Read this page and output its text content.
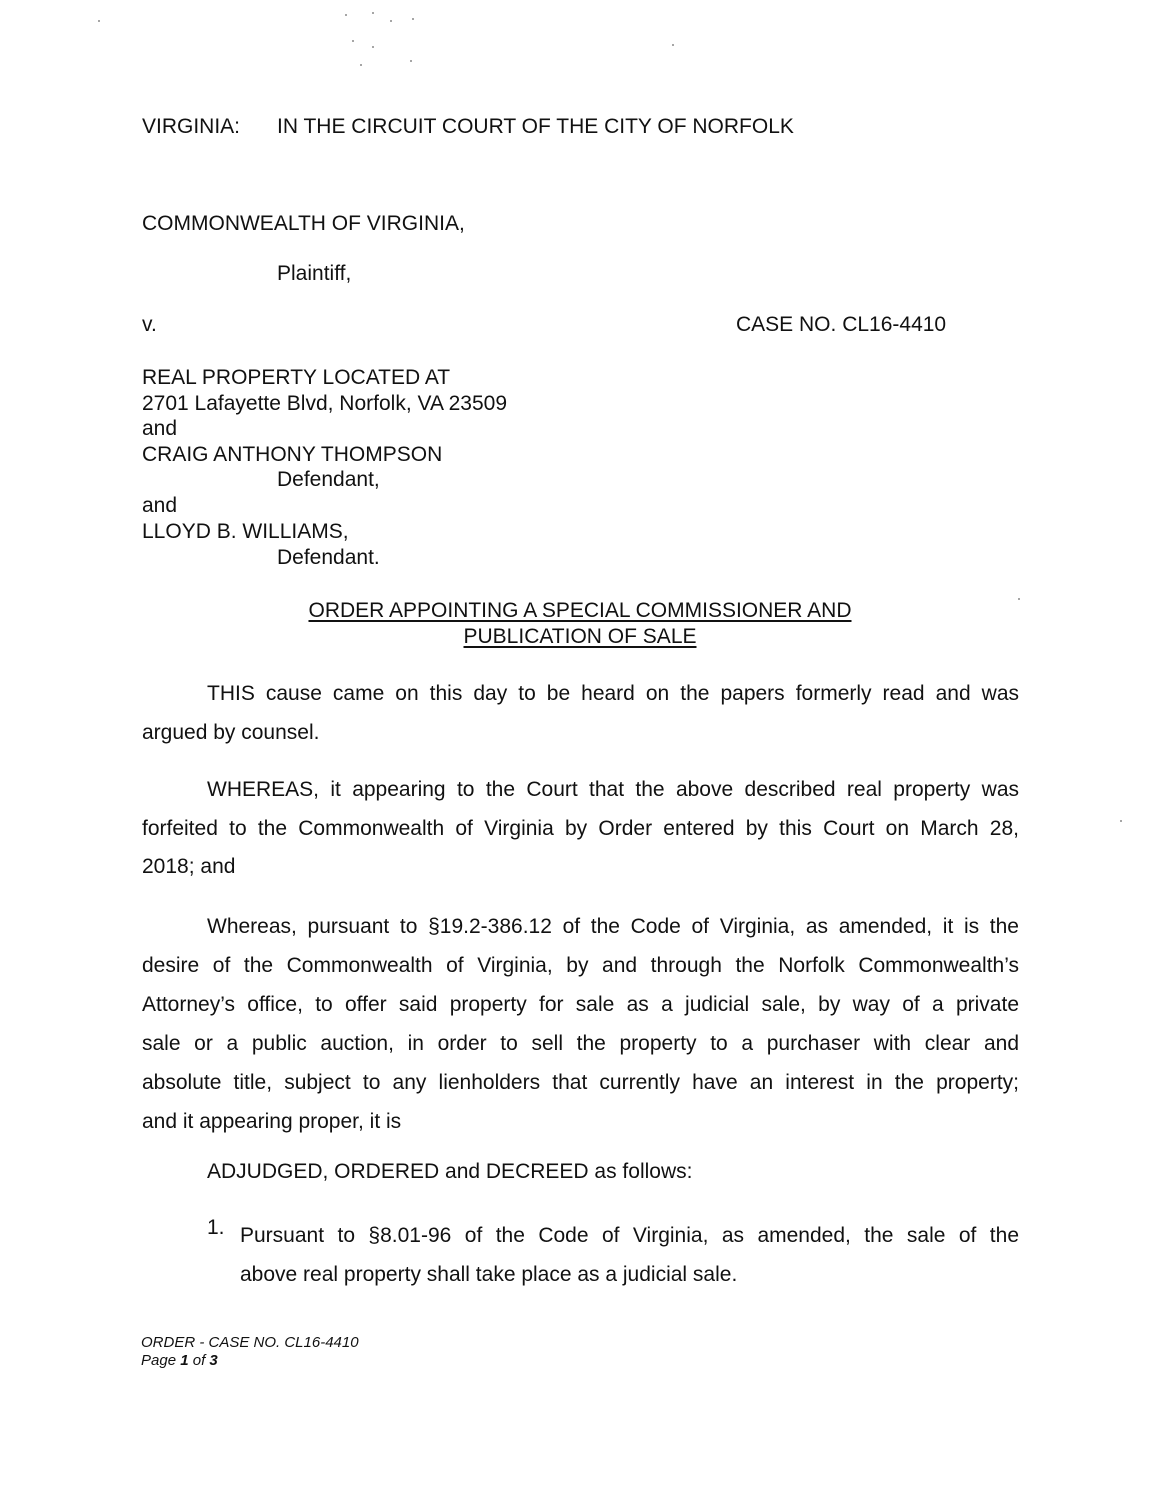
VIRGINIA: IN THE CIRCUIT COURT OF THE CITY OF NORFOLK
COMMONWEALTH OF VIRGINIA,
Plaintiff,
v.	CASE NO. CL16-4410
REAL PROPERTY LOCATED AT
2701 Lafayette Blvd, Norfolk, VA 23509
and
CRAIG ANTHONY THOMPSON
Defendant,
and
LLOYD B. WILLIAMS,
Defendant.
ORDER APPOINTING A SPECIAL COMMISSIONER AND
PUBLICATION OF SALE
THIS cause came on this day to be heard on the papers formerly read and was
argued by counsel.
WHEREAS, it appearing to the Court that the above described real property was
forfeited to the Commonwealth of Virginia by Order entered by this Court on March 28,
2018; and
Whereas, pursuant to §19.2-386.12 of the Code of Virginia, as amended, it is the
desire of the Commonwealth of Virginia, by and through the Norfolk Commonwealth’s
Attorney’s office, to offer said property for sale as a judicial sale, by way of a private
sale or a public auction, in order to sell the property to a purchaser with clear and
absolute title, subject to any lienholders that currently have an interest in the property;
and it appearing proper, it is
ADJUDGED, ORDERED and DECREED as follows:
1. Pursuant to §8.01-96 of the Code of Virginia, as amended, the sale of the
above real property shall take place as a judicial sale.
ORDER - CASE NO. CL16-4410
Page 1 of 3
